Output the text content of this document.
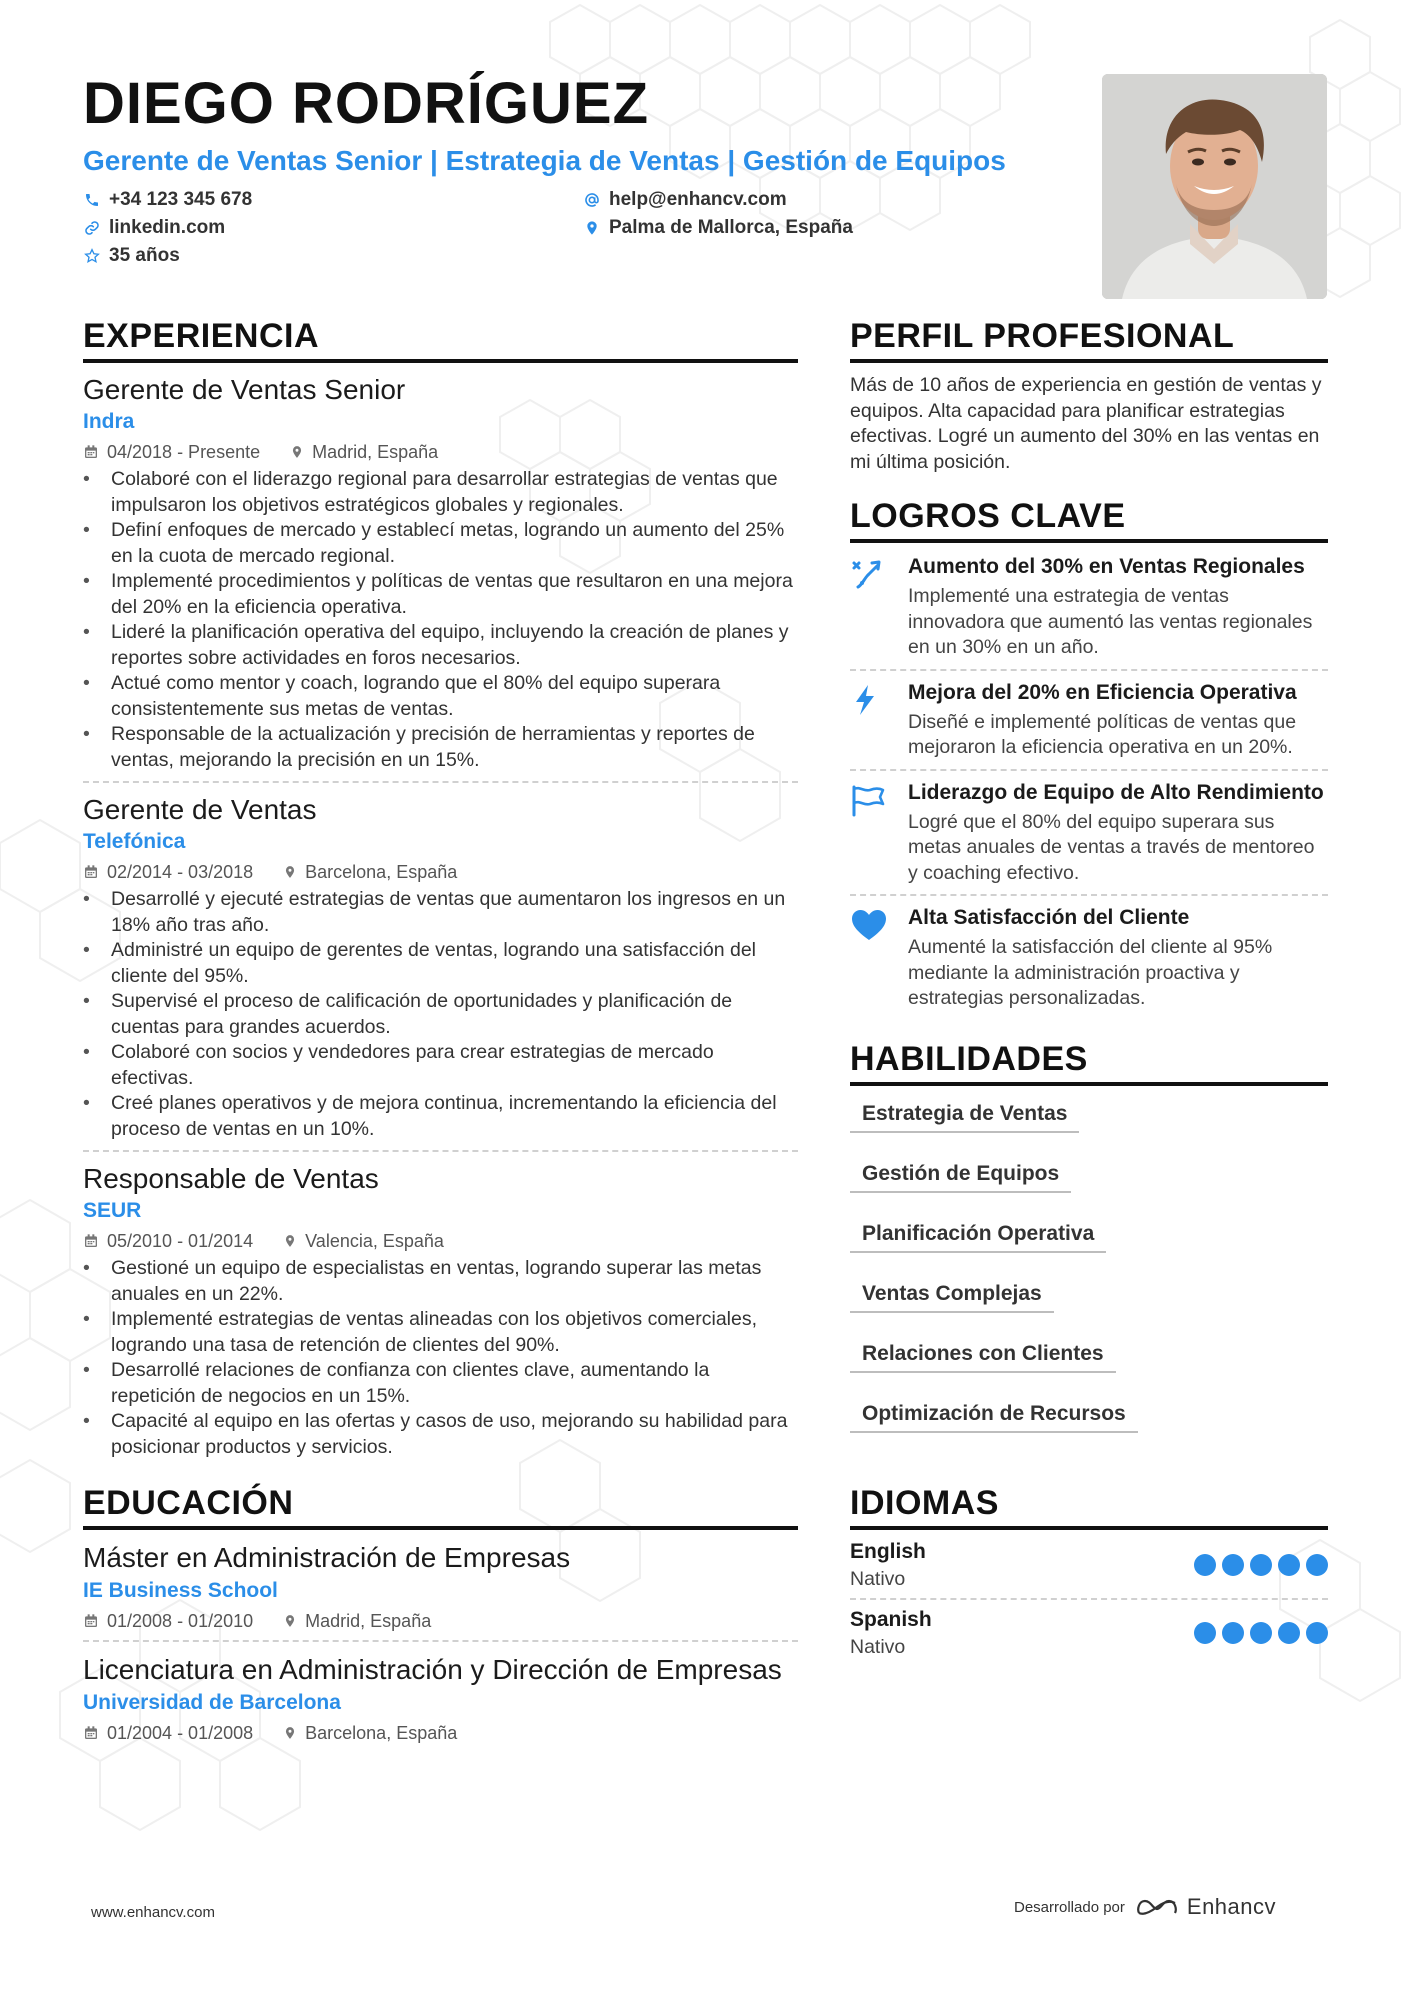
DIEGO RODRÍGUEZ
Gerente de Ventas Senior | Estrategia de Ventas | Gestión de Equipos
+34 123 345 678	help@enhancv.com
linkedin.com	Palma de Mallorca, España
35 años
EXPERIENCIA
Gerente de Ventas Senior
Indra
04/2018 - Presente	Madrid, España
• Colaboré con el liderazgo regional para desarrollar estrategias de ventas que impulsaron los objetivos estratégicos globales y regionales.
• Definí enfoques de mercado y establecí metas, logrando un aumento del 25% en la cuota de mercado regional.
• Implementé procedimientos y políticas de ventas que resultaron en una mejora del 20% en la eficiencia operativa.
• Lideré la planificación operativa del equipo, incluyendo la creación de planes y reportes sobre actividades en foros necesarios.
• Actué como mentor y coach, logrando que el 80% del equipo superara consistentemente sus metas de ventas.
• Responsable de la actualización y precisión de herramientas y reportes de ventas, mejorando la precisión en un 15%.
Gerente de Ventas
Telefónica
02/2014 - 03/2018	Barcelona, España
• Desarrollé y ejecuté estrategias de ventas que aumentaron los ingresos en un 18% año tras año.
• Administré un equipo de gerentes de ventas, logrando una satisfacción del cliente del 95%.
• Supervisé el proceso de calificación de oportunidades y planificación de cuentas para grandes acuerdos.
• Colaboré con socios y vendedores para crear estrategias de mercado efectivas.
• Creé planes operativos y de mejora continua, incrementando la eficiencia del proceso de ventas en un 10%.
Responsable de Ventas
SEUR
05/2010 - 01/2014	Valencia, España
• Gestioné un equipo de especialistas en ventas, logrando superar las metas anuales en un 22%.
• Implementé estrategias de ventas alineadas con los objetivos comerciales, logrando una tasa de retención de clientes del 90%.
• Desarrollé relaciones de confianza con clientes clave, aumentando la repetición de negocios en un 15%.
• Capacité al equipo en las ofertas y casos de uso, mejorando su habilidad para posicionar productos y servicios.
EDUCACIÓN
Máster en Administración de Empresas
IE Business School
01/2008 - 01/2010	Madrid, España
Licenciatura en Administración y Dirección de Empresas
Universidad de Barcelona
01/2004 - 01/2008	Barcelona, España
PERFIL PROFESIONAL
Más de 10 años de experiencia en gestión de ventas y equipos. Alta capacidad para planificar estrategias efectivas. Logré un aumento del 30% en las ventas en mi última posición.
LOGROS CLAVE
Aumento del 30% en Ventas Regionales
Implementé una estrategia de ventas innovadora que aumentó las ventas regionales en un 30% en un año.
Mejora del 20% en Eficiencia Operativa
Diseñé e implementé políticas de ventas que mejoraron la eficiencia operativa en un 20%.
Liderazgo de Equipo de Alto Rendimiento
Logré que el 80% del equipo superara sus metas anuales de ventas a través de mentoreo y coaching efectivo.
Alta Satisfacción del Cliente
Aumenté la satisfacción del cliente al 95% mediante la administración proactiva y estrategias personalizadas.
HABILIDADES
Estrategia de Ventas
Gestión de Equipos
Planificación Operativa
Ventas Complejas
Relaciones con Clientes
Optimización de Recursos
IDIOMAS
English
Nativo
Spanish
Nativo
www.enhancv.com	Desarrollado por	Enhancv
